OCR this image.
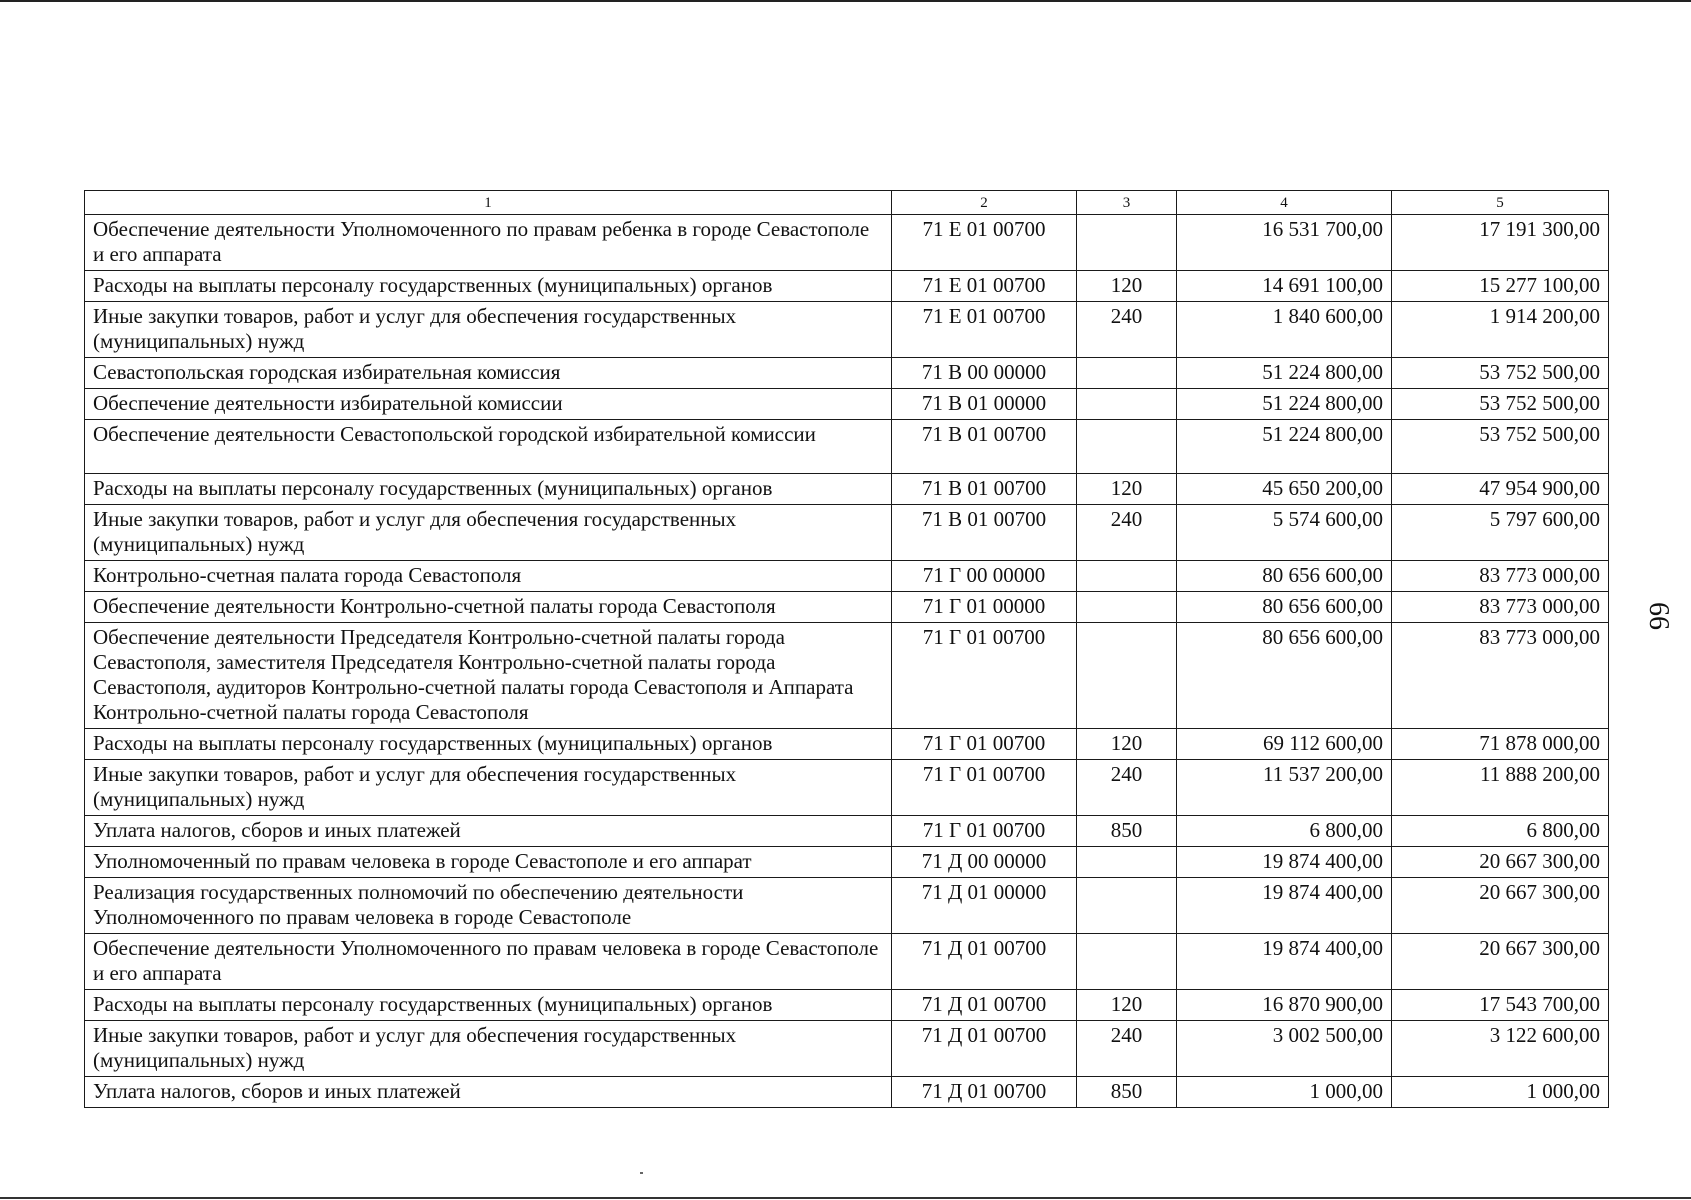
1	2	3	4	5
Обеспечение деятельности Уполномоченного по правам ребенка в городе Севастополе и его аппарата	71 Е 01 00700		16 531 700,00	17 191 300,00
Расходы на выплаты персоналу государственных (муниципальных) органов	71 Е 01 00700	120	14 691 100,00	15 277 100,00
Иные закупки товаров, работ и услуг для обеспечения государственных (муниципальных) нужд	71 Е 01 00700	240	1 840 600,00	1 914 200,00
Севастопольская городская избирательная комиссия	71 В 00 00000		51 224 800,00	53 752 500,00
Обеспечение деятельности избирательной комиссии	71 В 01 00000		51 224 800,00	53 752 500,00
Обеспечение деятельности Севастопольской городской избирательной комиссии	71 В 01 00700		51 224 800,00	53 752 500,00
Расходы на выплаты персоналу государственных (муниципальных) органов	71 В 01 00700	120	45 650 200,00	47 954 900,00
Иные закупки товаров, работ и услуг для обеспечения государственных (муниципальных) нужд	71 В 01 00700	240	5 574 600,00	5 797 600,00
Контрольно-счетная палата города Севастополя	71 Г 00 00000		80 656 600,00	83 773 000,00
Обеспечение деятельности Контрольно-счетной палаты города Севастополя	71 Г 01 00000		80 656 600,00	83 773 000,00
Обеспечение деятельности Председателя Контрольно-счетной палаты города Севастополя, заместителя Председателя Контрольно-счетной палаты города Севастополя, аудиторов Контрольно-счетной палаты города Севастополя и Аппарата Контрольно-счетной палаты города Севастополя	71 Г 01 00700		80 656 600,00	83 773 000,00
Расходы на выплаты персоналу государственных (муниципальных) органов	71 Г 01 00700	120	69 112 600,00	71 878 000,00
Иные закупки товаров, работ и услуг для обеспечения государственных (муниципальных) нужд	71 Г 01 00700	240	11 537 200,00	11 888 200,00
Уплата налогов, сборов и иных платежей	71 Г 01 00700	850	6 800,00	6 800,00
Уполномоченный по правам человека в городе Севастополе и его аппарат	71 Д 00 00000		19 874 400,00	20 667 300,00
Реализация государственных полномочий по обеспечению деятельности Уполномоченного по правам человека в городе Севастополе	71 Д 01 00000		19 874 400,00	20 667 300,00
Обеспечение деятельности Уполномоченного по правам человека в городе Севастополе и его аппарата	71 Д 01 00700		19 874 400,00	20 667 300,00
Расходы на выплаты персоналу государственных (муниципальных) органов	71 Д 01 00700	120	16 870 900,00	17 543 700,00
Иные закупки товаров, работ и услуг для обеспечения государственных (муниципальных) нужд	71 Д 01 00700	240	3 002 500,00	3 122 600,00
Уплата налогов, сборов и иных платежей	71 Д 01 00700	850	1 000,00	1 000,00
66
